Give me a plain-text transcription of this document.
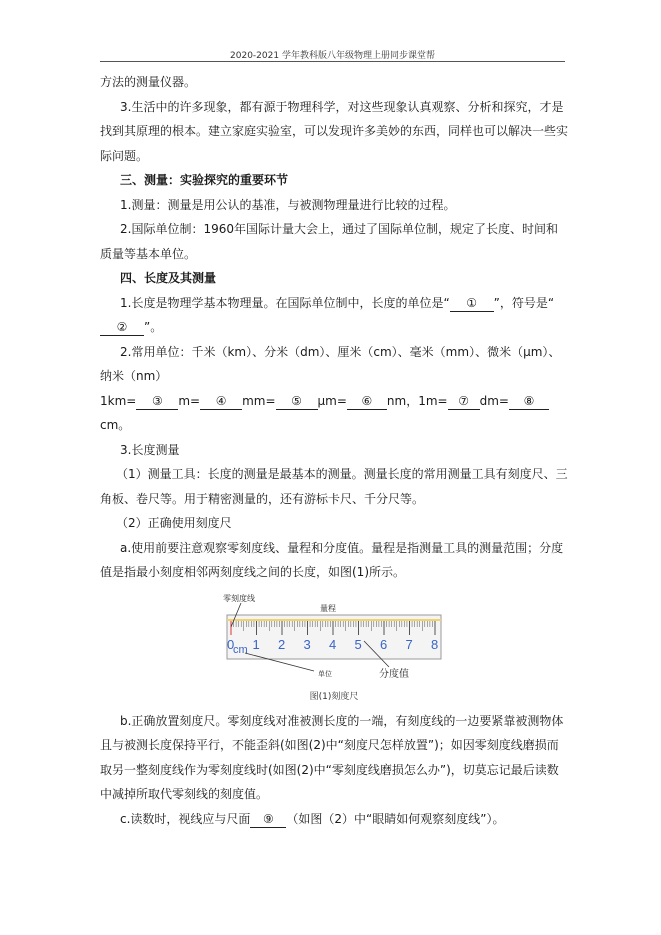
2020-2021 学年教科版八年级物理上册同步课堂帮

方法的测量仪器。

3.生活中的许多现象，都有源于物理科学，对这些现象认真观察、分析和探究，才是找到其原理的根本。建立家庭实验室，可以发现许多美妙的东西，同样也可以解决一些实际问题。

三、测量：实验探究的重要环节

1.测量：测量是用公认的基准，与被测物理量进行比较的过程。

2.国际单位制：1960年国际计量大会上，通过了国际单位制，规定了长度、时间和质量等基本单位。

四、长度及其测量

1.长度是物理学基本物理量。在国际单位制中，长度的单位是“ ① ”，符号是“② ”。

2.常用单位：千米（km）、分米（dm）、厘米（cm）、毫米（mm）、微米（μm）、纳米（nm）

1km= ③ m= ④ mm= ⑤ μm= ⑥ nm，1m= ⑦ dm= ⑧cm。

3.长度测量

（1）测量工具：长度的测量是最基本的测量。测量长度的常用测量工具有刻度尺、三角板、卷尺等。用于精密测量的，还有游标卡尺、千分尺等。

（2）正确使用刻度尺

a.使用前要注意观察零刻度线、量程和分度值。量程是指测量工具的测量范围；分度值是指最小刻度相邻两刻度线之间的长度，如图(1)所示。

0 1 2 3 4 5 6 7 8
零刻度线
量程
cm
单位	分度值

图(1)刻度尺

b.正确放置刻度尺。零刻度线对准被测长度的一端，有刻度线的一边要紧靠被测物体且与被测长度保持平行，不能歪斜(如图(2)中“刻度尺怎样放置”)；如因零刻度线磨损而取另一整刻度线作为零刻度线时(如图(2)中“零刻度线磨损怎么办”)，切莫忘记最后读数中减掉所取代零刻线的刻度值。

c.读数时，视线应与尺面 ⑨ （如图（2）中“眼睛如何观察刻度线”）。
